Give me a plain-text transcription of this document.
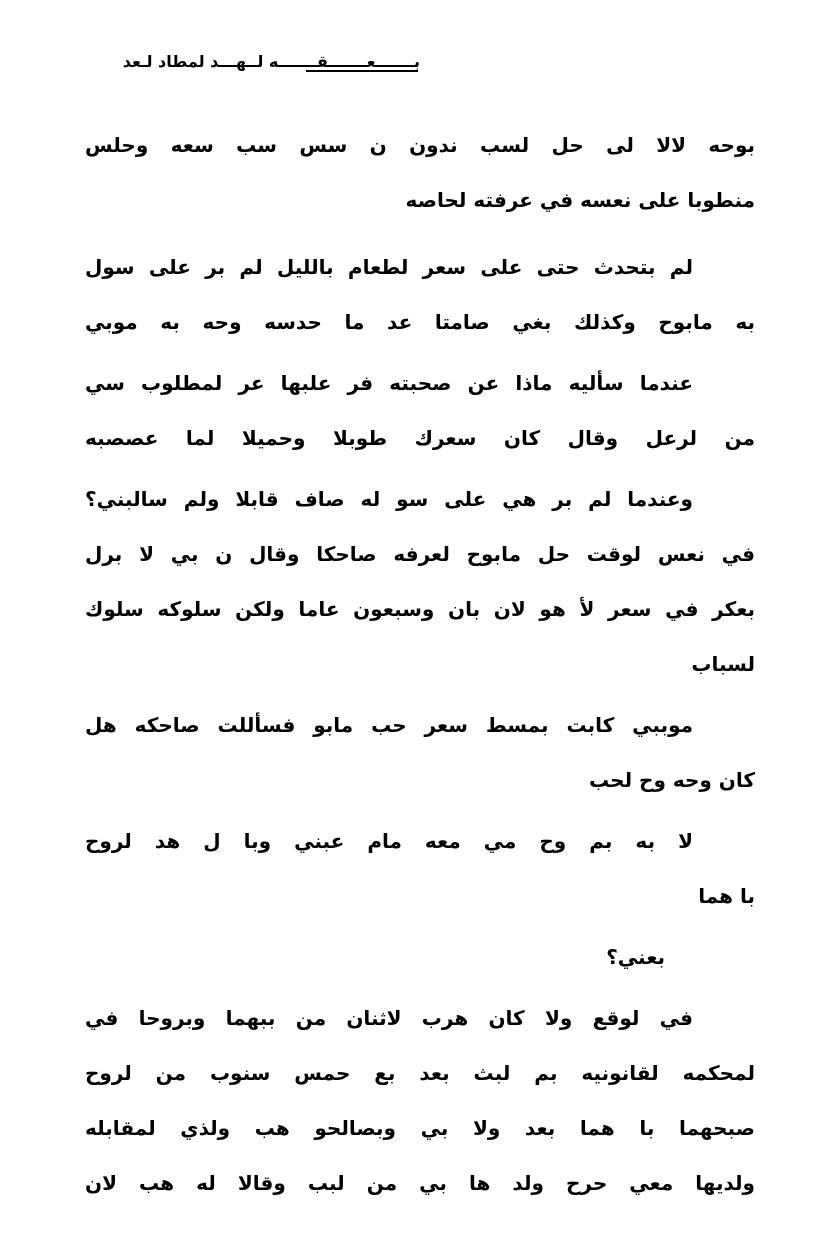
بـــــــعـــــــقـــــــه لــهـــد لمطاد لـعد
بوحه لالا لى حل لسب ندون ن سس سب سعه وحلس
منطوبا على نعسه في عرفته لحاصه
لم بتحدث حتى على سعر لطعام بالليل لم بر على سول
به مابوح وكذلك بغي صامتا عد ما حدسه وحه به موبي
عندما سأليه ماذا عن صحبته فر علبها عر لمطلوب سي
من لرعل وقال كان سعرك طوبلا وحميلا لما عصصبه
وعندما لم بر هي على سو له صاف قابلا ولم سالبني؟
في نعس لوقت حل مابوح لعرفه صاحكا وقال ن بي لا برل
بعكر في سعر لأ هو لان بان وسبعون عاما ولكن سلوكه سلوك
لسباب
موببي كابت بمسط سعر حب مابو فسأللت صاحكه هل
كان وحه وح لحب
لا به بم وح مي معه مام عبني وبا ل هد لروح
با هما
بعني؟
في لوقع ولا كان هرب لاثنان من ببهما وبروحا في
لمحكمه لقانونيه بم لبث بعد بع حمس سنوب من لروح
صبحهما با هما بعد ولا بي وبصالحو هب ولذي لمقابله
ولديها معي حرح ولد ها بي من لبب وقالا له هب لان
